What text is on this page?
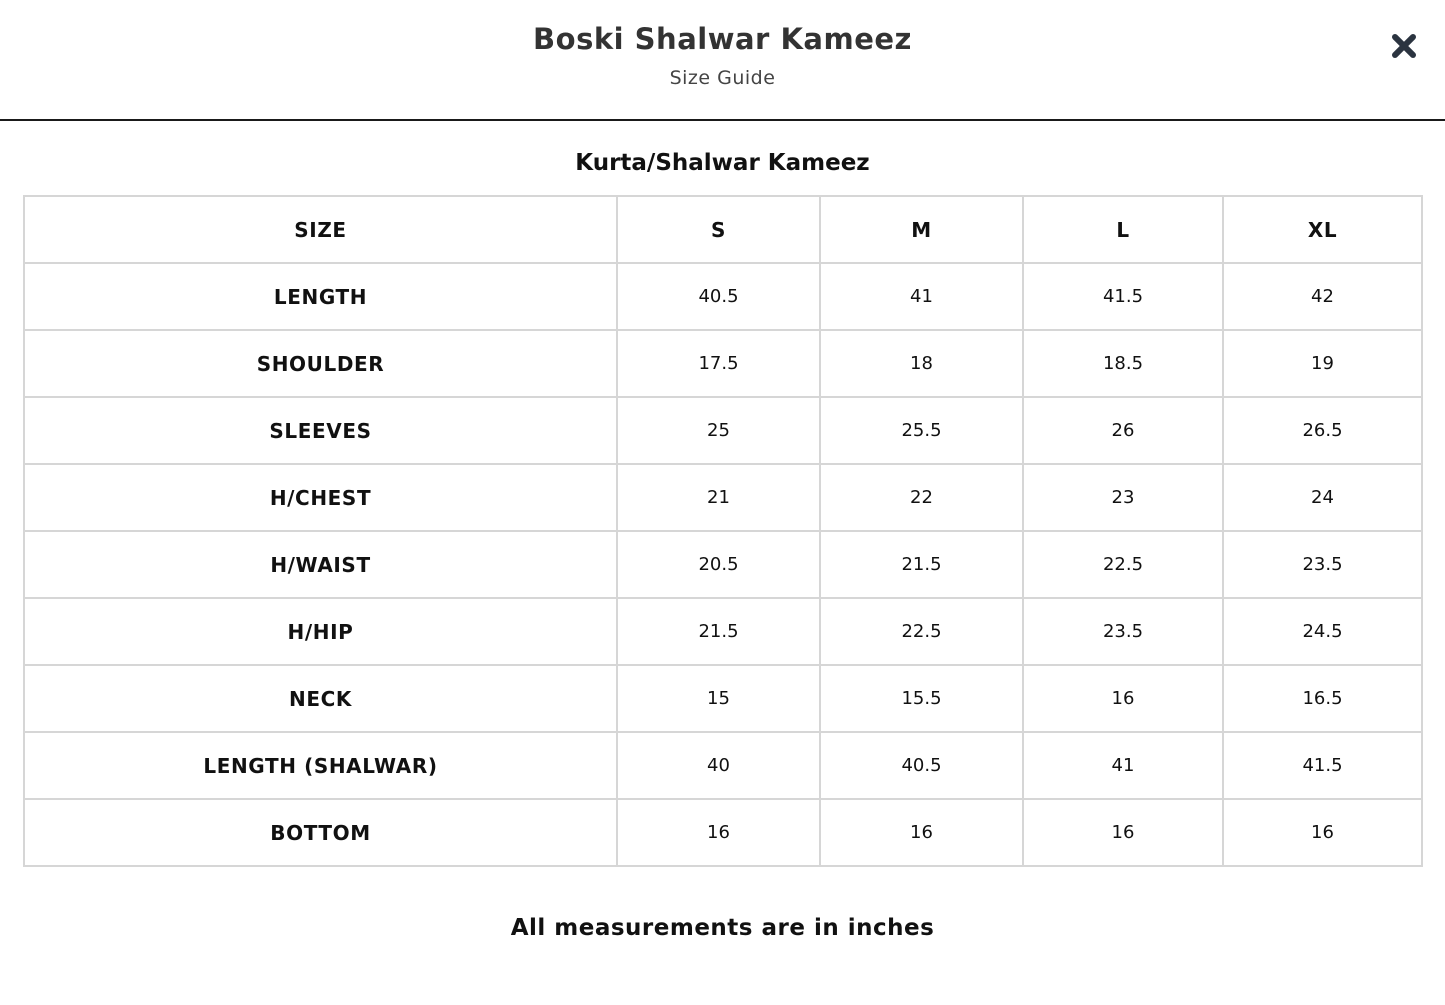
Boski Shalwar Kameez
Size Guide
Kurta/Shalwar Kameez
SIZE	S	M	L	XL
LENGTH	40.5	41	41.5	42
SHOULDER	17.5	18	18.5	19
SLEEVES	25	25.5	26	26.5
H/CHEST	21	22	23	24
H/WAIST	20.5	21.5	22.5	23.5
H/HIP	21.5	22.5	23.5	24.5
NECK	15	15.5	16	16.5
LENGTH (SHALWAR)	40	40.5	41	41.5
BOTTOM	16	16	16	16
All measurements are in inches
